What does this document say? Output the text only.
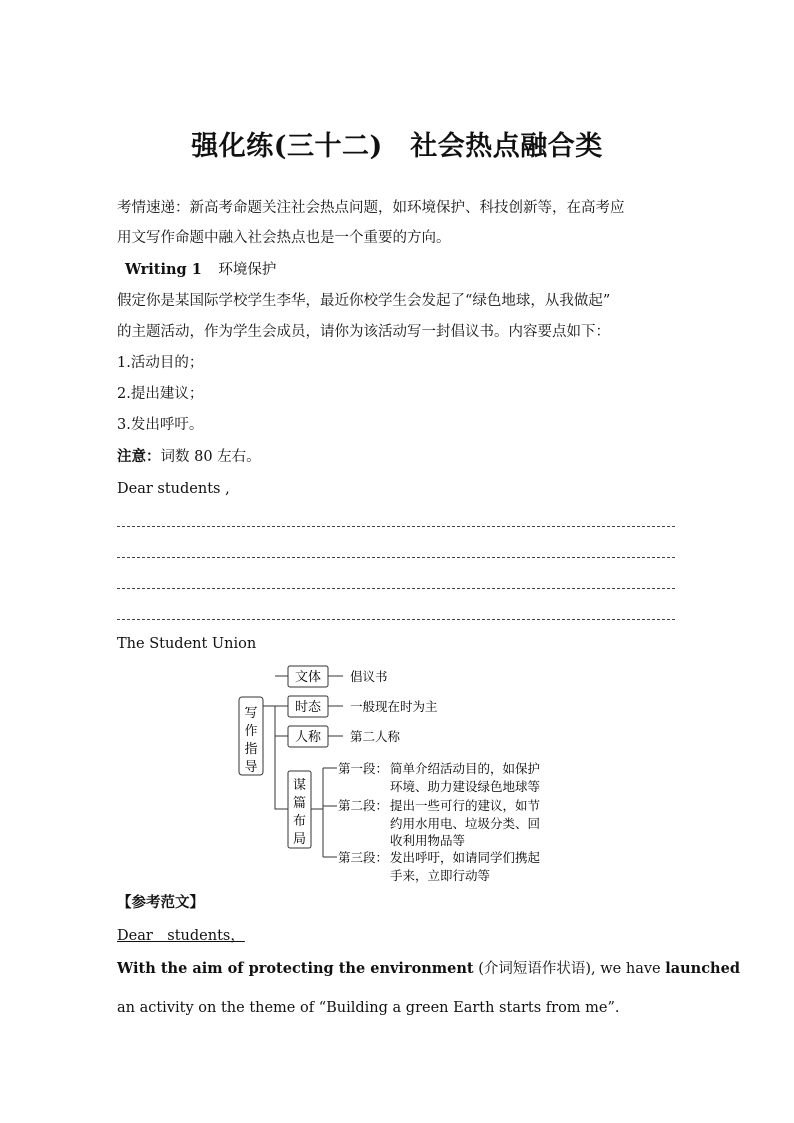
强化练(三十二)　社会热点融合类
考情速递：新高考命题关注社会热点问题，如环境保护、科技创新等，在高考应
用文写作命题中融入社会热点也是一个重要的方向。
Writing 1 环境保护
假定你是某国际学校学生李华，最近你校学生会发起了“绿色地球，从我做起”
的主题活动，作为学生会成员，请你为该活动写一封倡议书。内容要点如下：
1.活动目的；
2.提出建议；
3.发出呼吁。
注意：词数 80 左右。
Dear students ,
The Student Union
写
作
指
导
文体 倡议书
时态 一般现在时为主
人称 第二人称
谋
篇
布
局
第一段： 简单介绍活动目的，如保护
环境、助力建设绿色地球等
第二段： 提出一些可行的建议，如节
约用水用电、垃圾分类、回
收利用物品等
第三段： 发出呼吁，如请同学们携起
手来，立即行动等
【参考范文】
Dear　students，
With the aim of protecting the environment (介词短语作状语), we have launched
an activity on the theme of “Building a green Earth starts from me”.
